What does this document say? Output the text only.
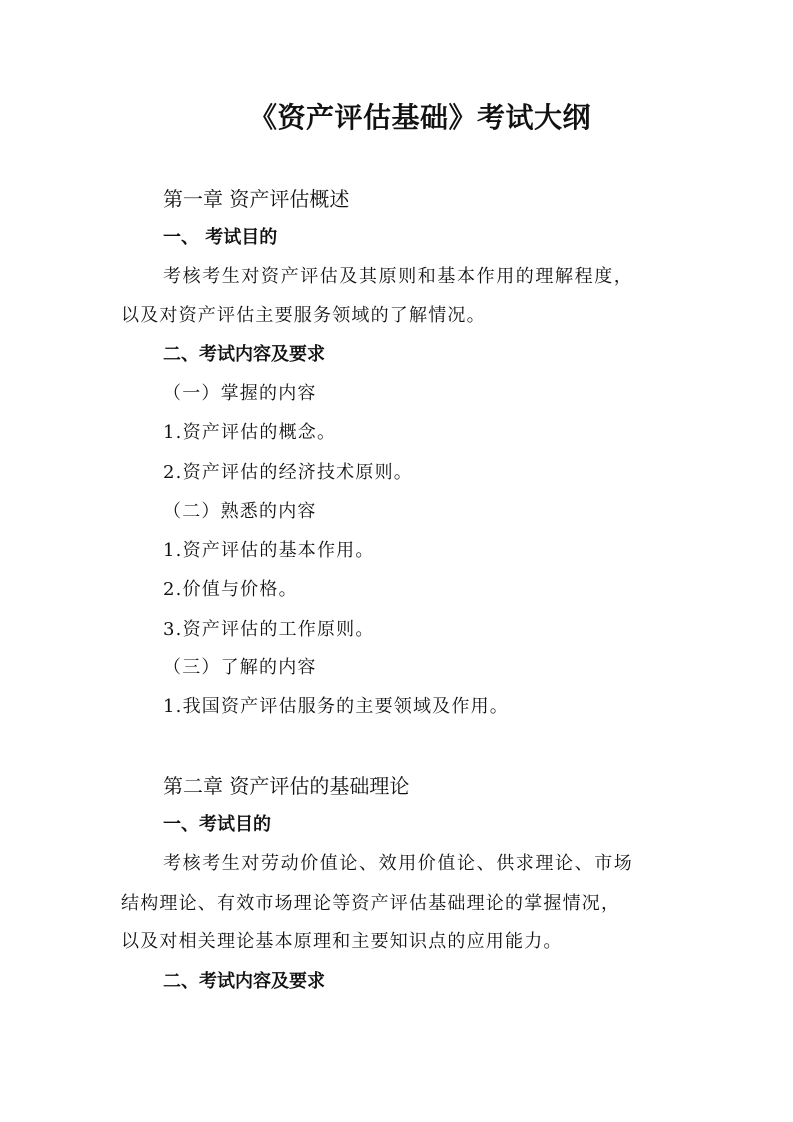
《资产评估基础》考试大纲
第一章 资产评估概述
一、 考试目的
考核考生对资产评估及其原则和基本作用的理解程度，
以及对资产评估主要服务领域的了解情况。
二、考试内容及要求
（一）掌握的内容
1.资产评估的概念。
2.资产评估的经济技术原则。
（二）熟悉的内容
1.资产评估的基本作用。
2.价值与价格。
3.资产评估的工作原则。
（三）了解的内容
1.我国资产评估服务的主要领域及作用。
第二章 资产评估的基础理论
一、考试目的
考核考生对劳动价值论、效用价值论、供求理论、市场
结构理论、有效市场理论等资产评估基础理论的掌握情况，
以及对相关理论基本原理和主要知识点的应用能力。
二、考试内容及要求
